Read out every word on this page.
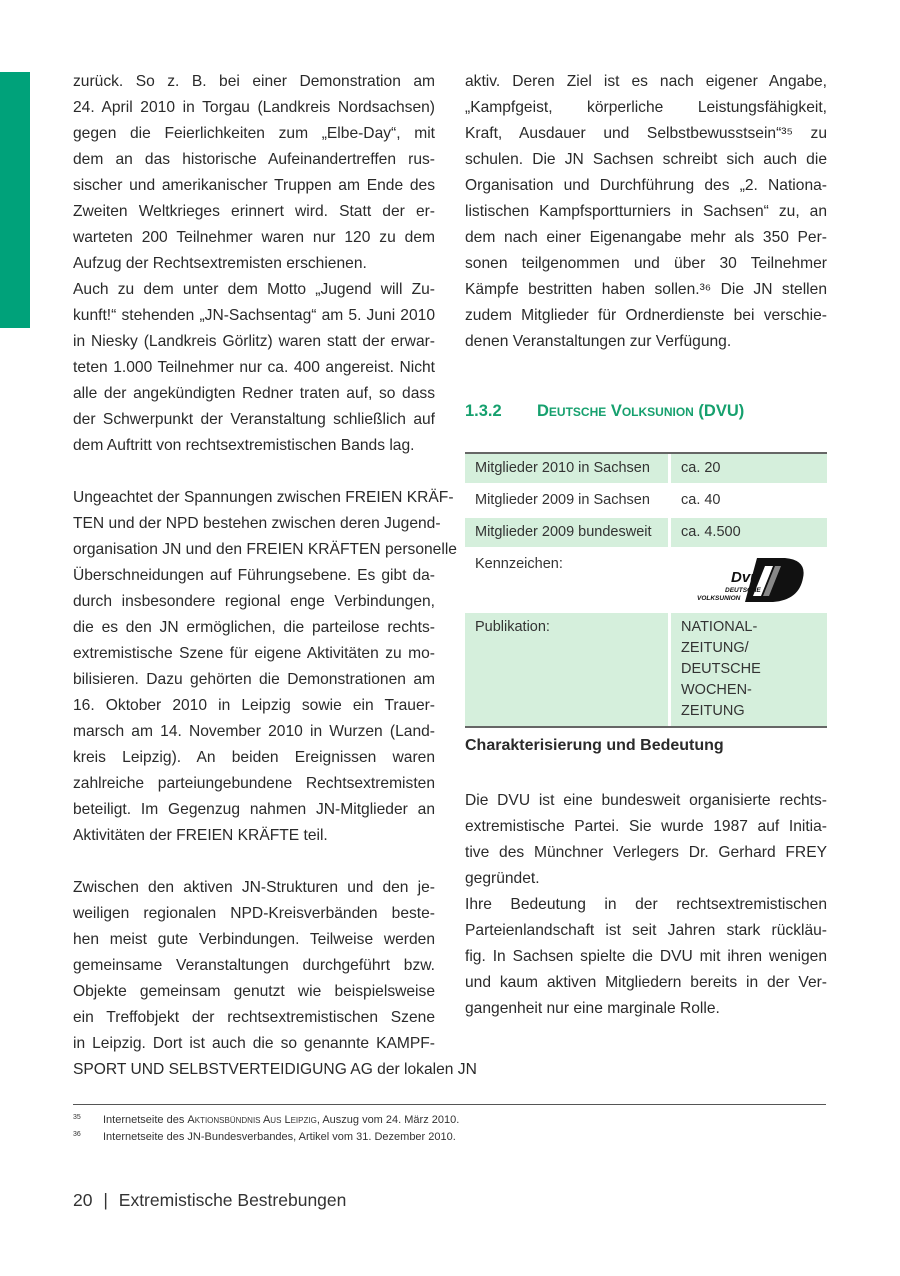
zurück. So z. B. bei einer Demonstration am
24. April 2010 in Torgau (Landkreis Nordsachsen)
gegen die Feierlichkeiten zum „Elbe-Day“, mit
dem an das historische Aufeinandertreffen rus-
sischer und amerikanischer Truppen am Ende des
Zweiten Weltkrieges erinnert wird. Statt der er-
warteten 200 Teilnehmer waren nur 120 zu dem
Aufzug der Rechtsextremisten erschienen.
Auch zu dem unter dem Motto „Jugend will Zu-
kunft!“ stehenden „JN-Sachsentag“ am 5. Juni 2010
in Niesky (Landkreis Görlitz) waren statt der erwar-
teten 1.000 Teilnehmer nur ca. 400 angereist. Nicht
alle der angekündigten Redner traten auf, so dass
der Schwerpunkt der Veranstaltung schließlich auf
dem Auftritt von rechtsextremistischen Bands lag.
Ungeachtet der Spannungen zwischen FREIEN KRÄF-
TEN und der NPD bestehen zwischen deren Jugend-
organisation JN und den FREIEN KRÄFTEN personelle
Überschneidungen auf Führungsebene. Es gibt da-
durch insbesondere regional enge Verbindungen,
die es den JN ermöglichen, die parteilose rechts-
extremistische Szene für eigene Aktivitäten zu mo-
bilisieren. Dazu gehörten die Demonstrationen am
16. Oktober 2010 in Leipzig sowie ein Trauer-
marsch am 14. November 2010 in Wurzen (Land-
kreis Leipzig). An beiden Ereignissen waren
zahlreiche parteiungebundene Rechtsextremisten
beteiligt. Im Gegenzug nahmen JN-Mitglieder an
Aktivitäten der FREIEN KRÄFTE teil.
Zwischen den aktiven JN-Strukturen und den je-
weiligen regionalen NPD-Kreisverbänden beste-
hen meist gute Verbindungen. Teilweise werden
gemeinsame Veranstaltungen durchgeführt bzw.
Objekte gemeinsam genutzt wie beispielsweise
ein Treffobjekt der rechtsextremistischen Szene
in Leipzig. Dort ist auch die so genannte KAMPF-
SPORT UND SELBSTVERTEIDIGUNG AG der lokalen JN
aktiv. Deren Ziel ist es nach eigener Angabe,
„Kampfgeist, körperliche Leistungsfähigkeit,
Kraft, Ausdauer und Selbstbewusstsein“³⁵ zu
schulen. Die JN Sachsen schreibt sich auch die
Organisation und Durchführung des „2. Nationa-
listischen Kampfsportturniers in Sachsen“ zu, an
dem nach einer Eigenangabe mehr als 350 Per-
sonen teilgenommen und über 30 Teilnehmer
Kämpfe bestritten haben sollen.³⁶ Die JN stellen
zudem Mitglieder für Ordnerdienste bei verschie-
denen Veranstaltungen zur Verfügung.
1.3.2 Deutsche Volksunion (DVU)
Mitglieder 2010 in Sachsen	ca. 20
Mitglieder 2009 in Sachsen	ca. 40
Mitglieder 2009 bundesweit	ca. 4.500
Kennzeichen:	Dvu
DEUTSCHE
VOLKSUNION

Publikation:	NATIONAL-ZEITUNG/
DEUTSCHE WOCHEN-
ZEITUNG
Charakterisierung und Bedeutung
Die DVU ist eine bundesweit organisierte rechts-
extremistische Partei. Sie wurde 1987 auf Initia-
tive des Münchner Verlegers Dr. Gerhard FREY
gegründet.
Ihre Bedeutung in der rechtsextremistischen
Parteienlandschaft ist seit Jahren stark rückläu-
fig. In Sachsen spielte die DVU mit ihren wenigen
und kaum aktiven Mitgliedern bereits in der Ver-
gangenheit nur eine marginale Rolle.
35 Internetseite des Aktionsbündnis Aus Leipzig, Auszug vom 24. März 2010.
36 Internetseite des JN-Bundesverbandes, Artikel vom 31. Dezember 2010.
20 | Extremistische Bestrebungen
